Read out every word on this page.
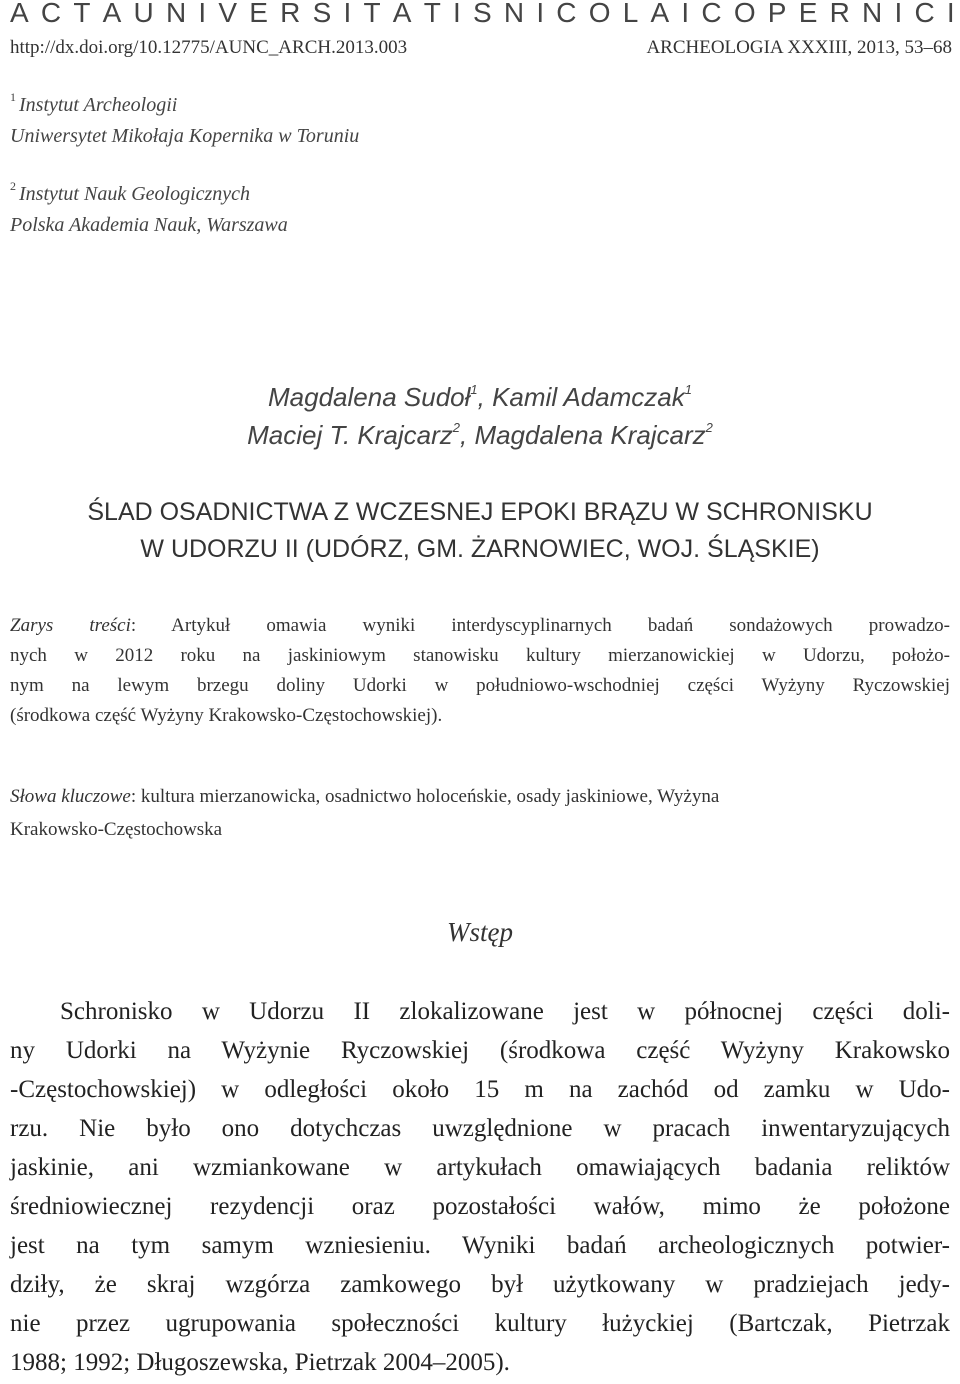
A C T A U N I V E R S I T A T I S N I C O L A I C O P E R N I C I
http://dx.doi.org/10.12775/AUNC_ARCH.2013.003	ARCHEOLOGIA XXXIII, 2013, 53–68
$^1$ Instytut Archeologii
Uniwersytet Mikołaja Kopernika w Toruniu
$^2$ Instytut Nauk Geologicznych
Polska Akademia Nauk, Warszawa
Magdalena Sudoł$^1$, Kamil Adamczak$^1$
Maciej T. Krajcarz$^2$, Magdalena Krajcarz$^2$
ŚLAD OSADNICTWA Z WCZESNEJ EPOKI BRĄZU W SCHRONISKU
W UDORZU II (UDÓRZ, GM. ŻARNOWIEC, WOJ. ŚLĄSKIE)
Zarys treści: Artykuł omawia wyniki interdyscyplinarnych badań sondażowych prowadzo-
nych w 2012 roku na jaskiniowym stanowisku kultury mierzanowickiej w Udorzu, położo-
nym na lewym brzegu doliny Udorki w południowo-wschodniej części Wyżyny Ryczowskiej
(środkowa część Wyżyny Krakowsko-Częstochowskiej).
Słowa kluczowe: kultura mierzanowicka, osadnictwo holoceńskie, osady jaskiniowe, Wyżyna
Krakowsko-Częstochowska
Wstęp
Schronisko w Udorzu II zlokalizowane jest w północnej części doli-
ny Udorki na Wyżynie Ryczowskiej (środkowa część Wyżyny Krakowsko
-Częstochowskiej) w odległości około 15 m na zachód od zamku w Udo-
rzu. Nie było ono dotychczas uwzględnione w pracach inwentaryzujących
jaskinie, ani wzmiankowane w artykułach omawiających badania reliktów
średniowiecznej rezydencji oraz pozostałości wałów, mimo że położone
jest na tym samym wzniesieniu. Wyniki badań archeologicznych potwier-
dziły, że skraj wzgórza zamkowego był użytkowany w pradziejach jedy-
nie przez ugrupowania społeczności kultury łużyckiej (Bartczak, Pietrzak
1988; 1992; Długoszewska, Pietrzak 2004–2005).
